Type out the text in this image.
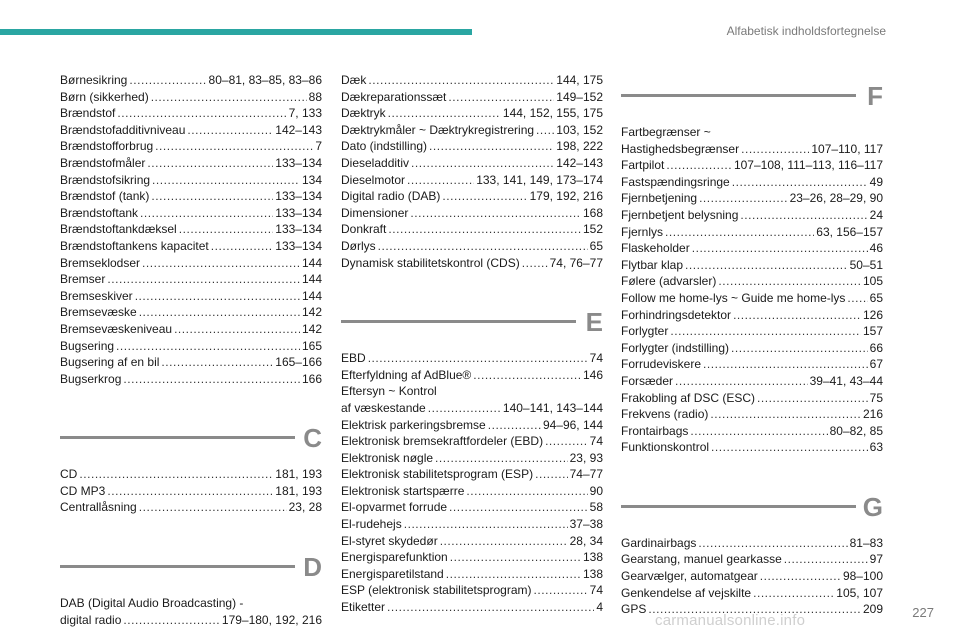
Alfabetisk indholdsfortegnelse
Børnesikring . . .	80–81, 83–85, 83–86
Børn (sikkerhed) . . .	88
Brændstof . . .	7, 133
Brændstofadditivniveau . . .	142–143
Brændstofforbrug . . .	7
Brændstofmåler . . .	133–134
Brændstofsikring . . .	134
Brændstof (tank) . . .	133–134
Brændstoftank . . .	133–134
Brændstoftankdæksel . . .	133–134
Brændstoftankens kapacitet . . .	133–134
Bremseklodser . . .	144
Bremser . . .	144
Bremseskiver . . .	144
Bremsevæske . . .	142
Bremsevæskeniveau . . .	142
Bugsering . . .	165
Bugsering af en bil . . .	165–166
Bugserkrog . . .	166
C
CD . . .	181, 193
CD MP3 . . .	181, 193
Centrallåsning . . .	23, 28
D
DAB (Digital Audio Broadcasting) -
digital radio . . .	179–180, 192, 216
Dæk . . .	144, 175
Dækreparationssæt . . .	149–152
Dæktryk . . .	144, 152, 155, 175
Dæktrykmåler ~ Dæktrykregistrering . . . 103, 152
Dato (indstilling) . . .	198, 222
Dieseladditiv . . .	142–143
Dieselmotor . . .	133, 141, 149, 173–174
Digital radio (DAB) . . .	179, 192, 216
Dimensioner . . .	168
Donkraft . . .	152
Dørlys . . .	65
Dynamisk stabilitetskontrol (CDS) . . . 74, 76–77
E
EBD . . .	74
Efterfyldning af AdBlue® . . .	146
Eftersyn ~ Kontrol
af væskestande . . .	140–141, 143–144
Elektrisk parkeringsbremse . . .	94–96, 144
Elektronisk bremsekraftfordeler (EBD) . . .	74
Elektronisk nøgle . . .	23, 93
Elektronisk stabilitetsprogram (ESP) . . .	74–77
Elektronisk startspærre . . .	90
El-opvarmet forrude . . .	58
El-rudehejs . . .	37–38
El-styret skydedør . . .	28, 34
Energisparefunktion . . .	138
Energisparetilstand . . .	138
ESP (elektronisk stabilitetsprogram) . . .	74
Etiketter . . .	4
F
Fartbegrænser ~
Hastighedsbegrænser . . .	107–110, 117
Fartpilot . . .	107–108, 111–113, 116–117
Fastspændingsringe . . .	49
Fjernbetjening . . .	23–26, 28–29, 90
Fjernbetjent belysning . . .	24
Fjernlys . . .	63, 156–157
Flaskeholder . . .	46
Flytbar klap . . .	50–51
Følere (advarsler) . . .	105
Follow me home-lys ~ Guide me home-lys . . . 65
Forhindringsdetektor . . .	126
Forlygter . . .	157
Forlygter (indstilling) . . .	66
Forrudeviskere . . .	67
Forsæder . . .	39–41, 43–44
Frakobling af DSC (ESC) . . .	75
Frekvens (radio) . . .	216
Frontairbags . . .	80–82, 85
Funktionskontrol . . .	63
G
Gardinairbags . . .	81–83
Gearstang, manuel gearkasse . . .	97
Gearvælger, automatgear . . .	98–100
Genkendelse af vejskilte . . .	105, 107
GPS . . .	209 227
carmanualsonline.info
